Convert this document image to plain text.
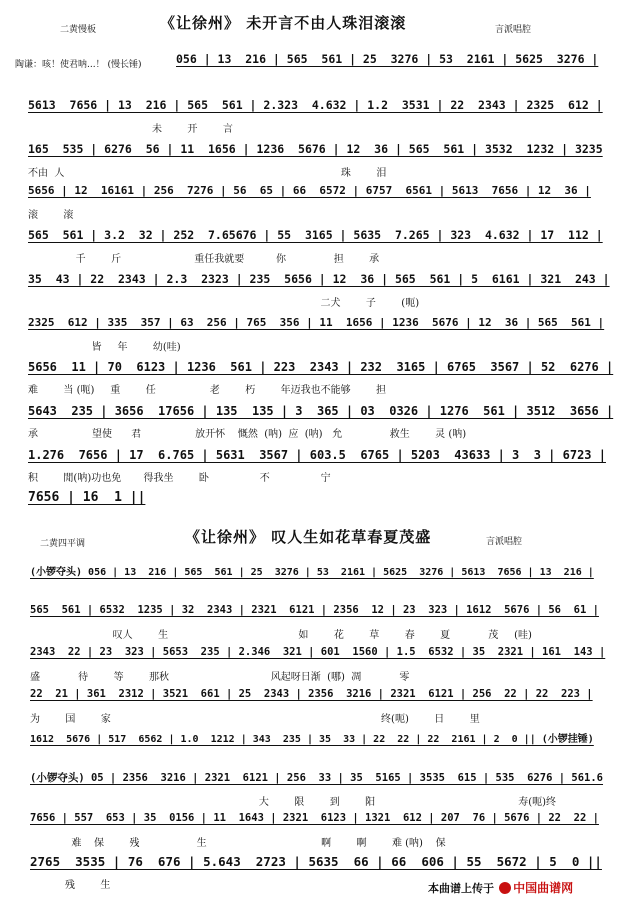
二黄慢板	《让徐州》 未开言不由人珠泪滚滚	言派唱腔
陶谦：咳！使君呐...！ (慢长锤)	056 | 13  216 | 565  561 | 25  3276 | 53  2161 | 5625  3276 |
5613  7656 | 13  216 | 565  561 | 2.323  4.632 | 1.2  3531 | 22  2343 | 2325  612 |
未        开        言
165  535 | 6276  56 | 11  1656 | 1236  5676 | 12  36 | 565  561 | 3532  1232 | 3235
不由  人                                                                                       珠        泪
5656 | 12  16161 | 256  7276 | 56  65 | 66  6572 | 6757  6561 | 5613  7656 | 12  36 |
滚        滚
565  561 | 3.2  32 | 252  7.65676 | 55  3165 | 5635  7.265 | 323  4.632 | 17  112 |
千        斤                       重任我就要          你               担        承
35  43 | 22  2343 | 2.3  2323 | 235  5656 | 12  36 | 565  561 | 5  6161 | 321  243 |
二犬        子        (呃)
2325  612 | 335  357 | 63  256 | 765  356 | 11  1656 | 1236  5676 | 12  36 | 565  561 |
皆     年        幼(哇)
5656  11 | 70  6123 | 1236  561 | 223  2343 | 232  3165 | 6765  3567 | 52  6276 |
难        当 (呃)     重        任                 老        朽        年迈我也不能够        担
5643  235 | 3656  17656 | 135  135 | 3  365 | 03  0326 | 1276  561 | 3512  3656 |
承                 望使      君                 放开怀    慨然  (呐)  应  (呐)   允               救生        灵 (呐)
1.276  7656 | 17  6.765 | 5631  3567 | 603.5  6765 | 5203  43633 | 3  3 | 6723 |
积        閒(呐)功也免       得我坐        卧                不                宁
7656 | 16  1 ||
二黄四平调	《让徐州》 叹人生如花草春夏茂盛	言派唱腔
(小锣夺头) 056 | 13  216 | 565  561 | 25  3276 | 53  2161 | 5625  3276 | 5613  7656 | 13  216 |
565  561 | 6532  1235 | 32  2343 | 2321  6121 | 2356  12 | 23  323 | 1612  5676 | 56  61 |
叹人        生                                         如        花        草        春        夏            茂     (哇)
2343  22 | 23  323 | 5653  235 | 2.346  321 | 601  1560 | 1.5  6532 | 35  2321 | 161  143 |
盛            待        等        那秋                                风起呀日渐  (哪)  凋            零
22  21 | 361  2312 | 3521  661 | 25  2343 | 2356  3216 | 2321  6121 | 256  22 | 22  223 |
为        国        家                                                                                     终(呃)        日        里
1612  5676 | 517  6562 | 1.0  1212 | 343  235 | 35  33 | 22  22 | 22  2161 | 2  0 || (小锣挂锤)
(小锣夺头) 05 | 2356  3216 | 2321  6121 | 256  33 | 35  5165 | 3535  615 | 535  6276 | 561.6
大        限        到        阳                                             寿(呃)终
7656 | 557  653 | 35  0156 | 11  1643 | 2321  6123 | 1321  612 | 207  76 | 5676 | 22  22 |
难    保        残                  生                                    啊        啊        难 (呐)    保
2765  3535 | 76  676 | 5.643  2723 | 5635  66 | 66  606 | 55  5672 | 5  0 ||
残        生	本曲谱上传于 中国曲谱网
